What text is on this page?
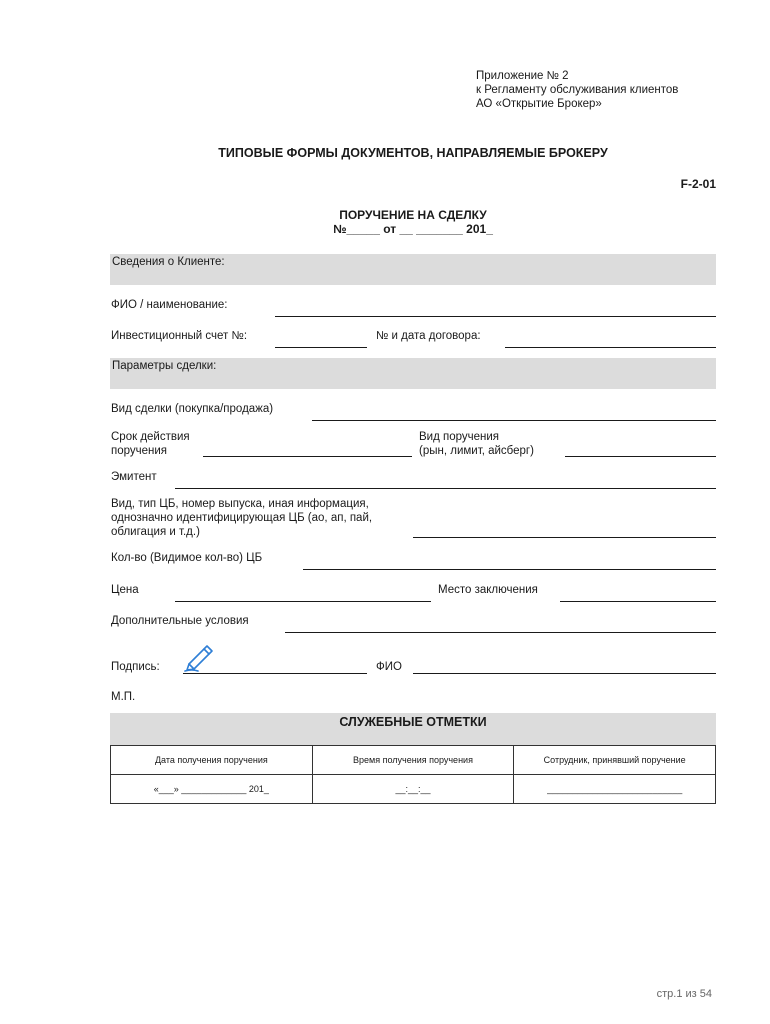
Приложение № 2
к Регламенту обслуживания клиентов
АО «Открытие Брокер»
ТИПОВЫЕ ФОРМЫ ДОКУМЕНТОВ, НАПРАВЛЯЕМЫЕ БРОКЕРУ
F-2-01
ПОРУЧЕНИЕ НА СДЕЛКУ
№_____ от __ _______ 201_
Сведения о Клиенте:
ФИО / наименование:
Инвестиционный счет №:	№ и дата договора:
Параметры сделки:
Вид сделки (покупка/продажа)
Срок действия
поручения
Вид поручения
(рын, лимит, айсберг)
Эмитент
Вид, тип ЦБ, номер выпуска, иная информация,
однозначно идентифицирующая ЦБ (ао, ап, пай,
облигация и т.д.)
Кол-во (Видимое кол-во) ЦБ
Цена	Место заключения
Дополнительные условия
Подпись:	ФИО
М.П.
СЛУЖЕБНЫЕ ОТМЕТКИ
Дата получения поручения	Время получения поручения	Сотрудник, принявший поручение
«___» _____________ 201_	__:__:__	___________________________
стр.1 из 54
